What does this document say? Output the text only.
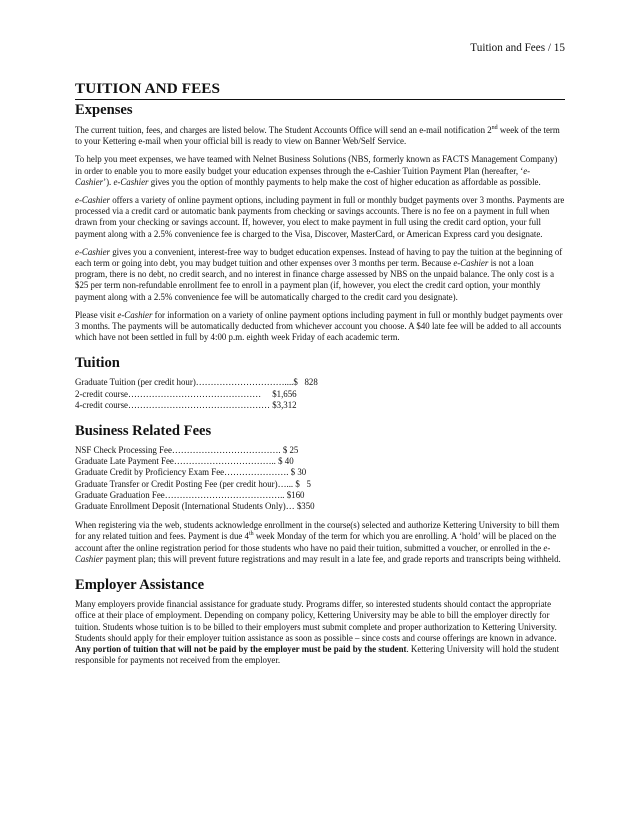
Tuition and Fees / 15
TUITION AND FEES
Expenses

The current tuition, fees, and charges are listed below. The Student Accounts Office will send an e-mail notification 2nd week of the term to your Kettering e-mail when your official bill is ready to view on Banner Web/Self Service.

To help you meet expenses, we have teamed with Nelnet Business Solutions (NBS, formerly known as FACTS Management Company) in order to enable you to more easily budget your education expenses through the e-Cashier Tuition Payment Plan (hereafter, ‘e-Cashier’). e-Cashier gives you the option of monthly payments to help make the cost of higher education as affordable as possible.

e-Cashier offers a variety of online payment options, including payment in full or monthly budget payments over 3 months. Payments are processed via a credit card or automatic bank payments from checking or savings accounts. There is no fee on a payment in full when drawn from your checking or savings account. If, however, you elect to make payment in full using the credit card option, your full payment along with a 2.5% convenience fee is charged to the Visa, Discover, MasterCard, or American Express card you designate.

e-Cashier gives you a convenient, interest-free way to budget education expenses. Instead of having to pay the tuition at the beginning of each term or going into debt, you may budget tuition and other expenses over 3 months per term. Because e-Cashier is not a loan program, there is no debt, no credit search, and no interest in finance charge assessed by NBS on the unpaid balance. The only cost is a $25 per term non-refundable enrollment fee to enroll in a payment plan (if, however, you elect the credit card option, your monthly payment along with a 2.5% convenience fee will be automatically charged to the credit card you designate).

Please visit e-Cashier for information on a variety of online payment options including payment in full or monthly budget payments over 3 months. The payments will be automatically deducted from whichever account you choose. A $40 late fee will be added to all accounts which have not been settled in full by 4:00 p.m. eighth week Friday of each academic term.

Tuition
Graduate Tuition (per credit hour)…………………………....$  828
2-credit course………………………………………   $1,656
4-credit course………………………………………… $3,312
Business Related Fees
NSF Check Processing Fee………………………………. $ 25
Graduate Late Payment Fee…………………………….. $ 40
Graduate Credit by Proficiency Exam Fee…………………. $ 30
Graduate Transfer or Credit Posting Fee (per credit hour)…... $  5
Graduate Graduation Fee………………………………….. $160
Graduate Enrollment Deposit (International Students Only)… $350

When registering via the web, students acknowledge enrollment in the course(s) selected and authorize Kettering University to bill them for any related tuition and fees. Payment is due 4th week Monday of the term for which you are enrolling. A ‘hold’ will be placed on the account after the online registration period for those students who have no paid their tuition, submitted a voucher, or enrolled in the e-Cashier payment plan; this will prevent future registrations and may result in a late fee, and grade reports and transcripts being withheld.

Employer Assistance

Many employers provide financial assistance for graduate study. Programs differ, so interested students should contact the appropriate office at their place of employment. Depending on company policy, Kettering University may be able to bill the employer directly for tuition. Students whose tuition is to be billed to their employers must submit complete and proper authorization to Kettering University. Students should apply for their employer tuition assistance as soon as possible – since costs and course offerings are known in advance. Any portion of tuition that will not be paid by the employer must be paid by the student. Kettering University will hold the student responsible for payments not received from the employer.
